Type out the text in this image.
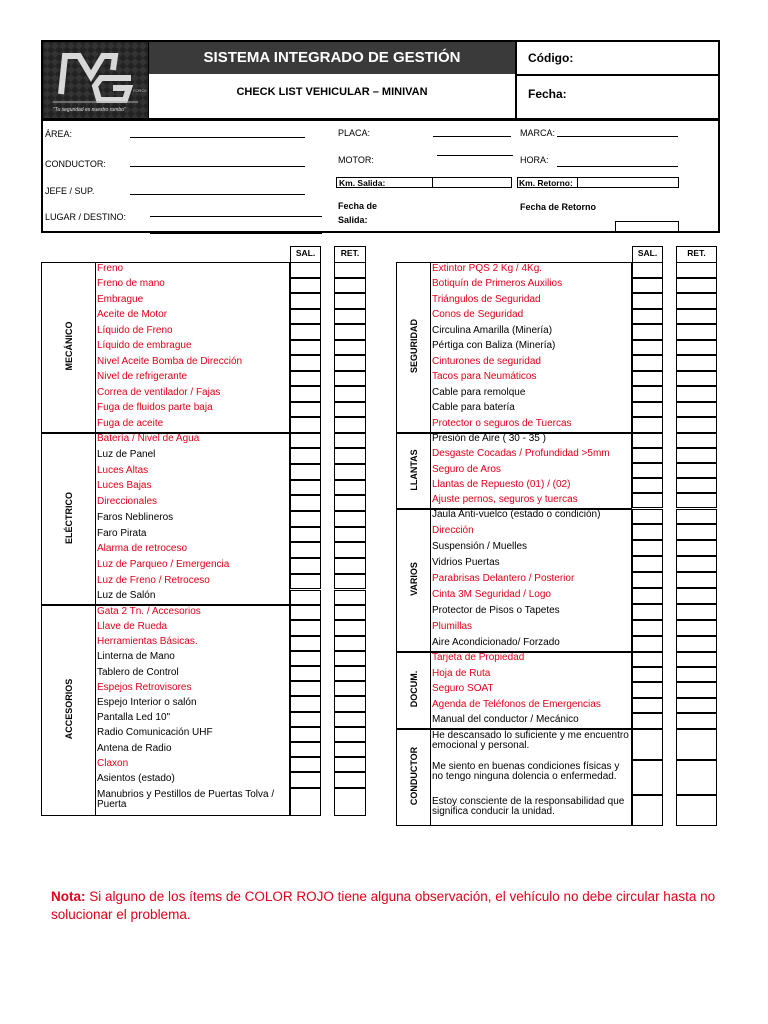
FORCE
"Tu seguridad es nuestro rumbo"
SISTEMA INTEGRADO DE GESTIÓN
CHECK LIST VEHICULAR – MINIVAN
Código:
Fecha:
ÁREA:
CONDUCTOR:
JEFE / SUP.
LUGAR / DESTINO:
PLACA:
MOTOR:
Km. Salida:
Fecha de Salida:
MARCA:
HORA:
Km. Retorno:
Fecha de Retorno
SAL.	RET.
MECÁNICO
Freno
Freno de mano
Embrague
Aceite de Motor
Líquido de Freno
Líquido de embrague
Nivel Aceite Bomba de Dirección
Nivel de refrigerante
Correa de ventilador / Fajas
Fuga de fluidos parte baja
Fuga de aceite
ELÉCTRICO
Batería / Nivel de Agua
Luz de Panel
Luces Altas
Luces Bajas
Direccionales
Faros Neblineros
Faro Pirata
Alarma de retroceso
Luz de Parqueo / Emergencia
Luz de Freno / Retroceso
Luz de Salón
ACCESORIOS
Gata 2 Tn. / Accesorios
Llave de Rueda
Herramientas Básicas.
Linterna de Mano
Tablero de Control
Espejos Retrovisores
Espejo Interior o salón
Pantalla Led 10"
Radio Comunicación UHF
Antena de Radio
Claxon
Asientos (estado)
Manubrios y Pestillos de Puertas Tolva / Puerta
SAL.	RET.
SEGURIDAD
Extintor PQS 2 Kg / 4Kg.
Botiquín de Primeros Auxilios
Triángulos de Seguridad
Conos de Seguridad
Circulina Amarilla (Minería)
Pértiga con Baliza (Minería)
Cinturones de seguridad
Tacos para Neumáticos
Cable para remolque
Cable para batería
Protector o seguros de Tuercas
LLANTAS
Presión de Aire ( 30 - 35 )
Desgaste Cocadas / Profundidad >5mm
Seguro de Aros
Llantas de Repuesto (01) / (02)
Ajuste pernos, seguros y tuercas
VARIOS
Jaula Anti-vuelco (estado o condición)
Dirección
Suspensión / Muelles
Vidrios Puertas
Parabrisas Delantero / Posterior
Cinta 3M Seguridad / Logo
Protector de Pisos o Tapetes
Plumillas
Aire Acondicionado/ Forzado
DOCUM.
Tarjeta de Propiedad
Hoja de Ruta
Seguro SOAT
Agenda de Teléfonos de Emergencias
Manual del conductor / Mecánico
CONDUCTOR
He descansado lo suficiente y me encuentro emocional y personal.
Me siento en buenas condiciones físicas y no tengo ninguna dolencia o enfermedad.
Estoy consciente de la responsabilidad que significa conducir la unidad.
Nota: Si alguno de los ítems de COLOR ROJO tiene alguna observación, el vehículo no debe circular hasta no solucionar el problema.
